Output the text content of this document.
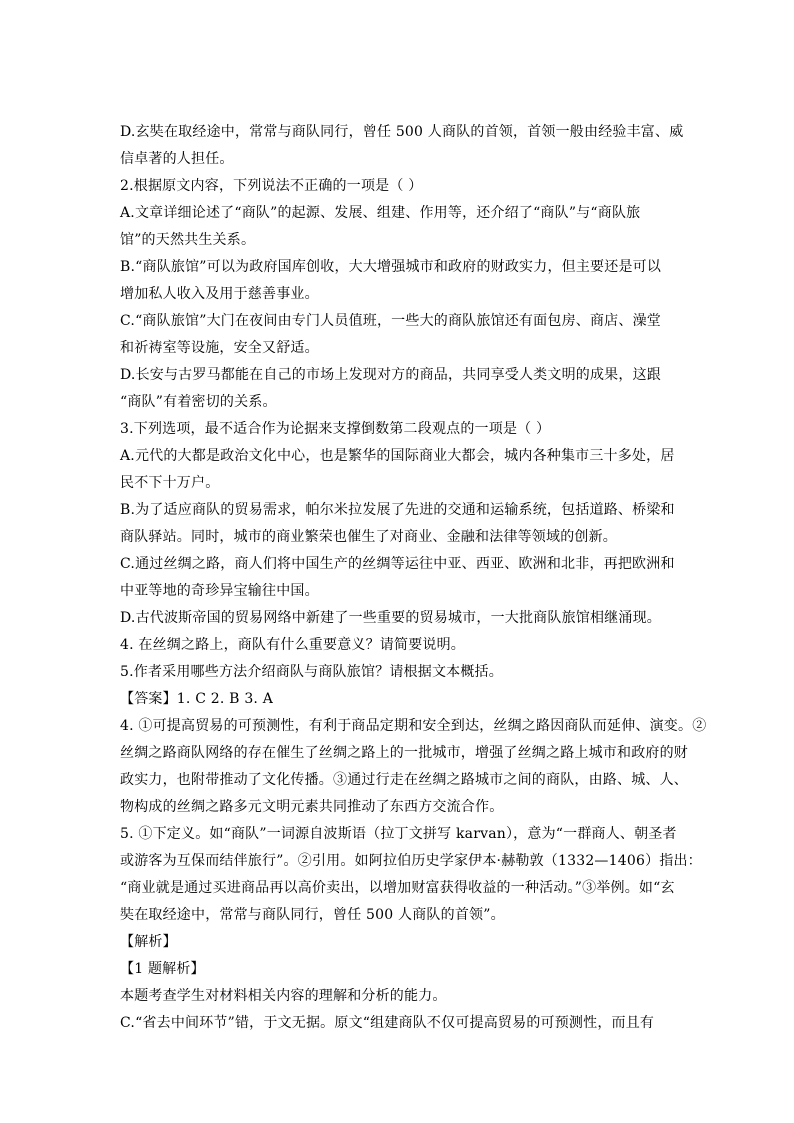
D.玄奘在取经途中，常常与商队同行，曾任 500 人商队的首领，首领一般由经验丰富、威
信卓著的人担任。
2.根据原文内容，下列说法不正确的一项是（ ）
A.文章详细论述了“商队”的起源、发展、组建、作用等，还介绍了“商队”与“商队旅
馆”的天然共生关系。
B.“商队旅馆”可以为政府国库创收，大大增强城市和政府的财政实力，但主要还是可以
增加私人收入及用于慈善事业。
C.“商队旅馆”大门在夜间由专门人员值班，一些大的商队旅馆还有面包房、商店、澡堂
和祈祷室等设施，安全又舒适。
D.长安与古罗马都能在自己的市场上发现对方的商品，共同享受人类文明的成果，这跟
“商队”有着密切的关系。
3.下列选项，最不适合作为论据来支撑倒数第二段观点的一项是（ ）
A.元代的大都是政治文化中心，也是繁华的国际商业大都会，城内各种集市三十多处，居
民不下十万户。
B.为了适应商队的贸易需求，帕尔米拉发展了先进的交通和运输系统，包括道路、桥梁和
商队驿站。同时，城市的商业繁荣也催生了对商业、金融和法律等领域的创新。
C.通过丝绸之路，商人们将中国生产的丝绸等运往中亚、西亚、欧洲和北非，再把欧洲和
中亚等地的奇珍异宝输往中国。
D.古代波斯帝国的贸易网络中新建了一些重要的贸易城市，一大批商队旅馆相继涌现。
4. 在丝绸之路上，商队有什么重要意义？请简要说明。
5.作者采用哪些方法介绍商队与商队旅馆？请根据文本概括。
【答案】1. C 2. B 3. A
4. ①可提高贸易的可预测性，有利于商品定期和安全到达，丝绸之路因商队而延伸、演变。②
丝绸之路商队网络的存在催生了丝绸之路上的一批城市，增强了丝绸之路上城市和政府的财
政实力，也附带推动了文化传播。③通过行走在丝绸之路城市之间的商队，由路、城、人、
物构成的丝绸之路多元文明元素共同推动了东西方交流合作。
5. ①下定义。如“商队”一词源自波斯语（拉丁文拼写 karvan），意为“一群商人、朝圣者
或游客为互保而结伴旅行”。②引用。如阿拉伯历史学家伊本·赫勒敦（1332—1406）指出：
“商业就是通过买进商品再以高价卖出，以增加财富获得收益的一种活动。”③举例。如“玄
奘在取经途中，常常与商队同行，曾任 500 人商队的首领”。
【解析】
【1 题解析】
本题考查学生对材料相关内容的理解和分析的能力。
C.“省去中间环节”错，于文无据。原文“组建商队不仅可提高贸易的可预测性，而且有
